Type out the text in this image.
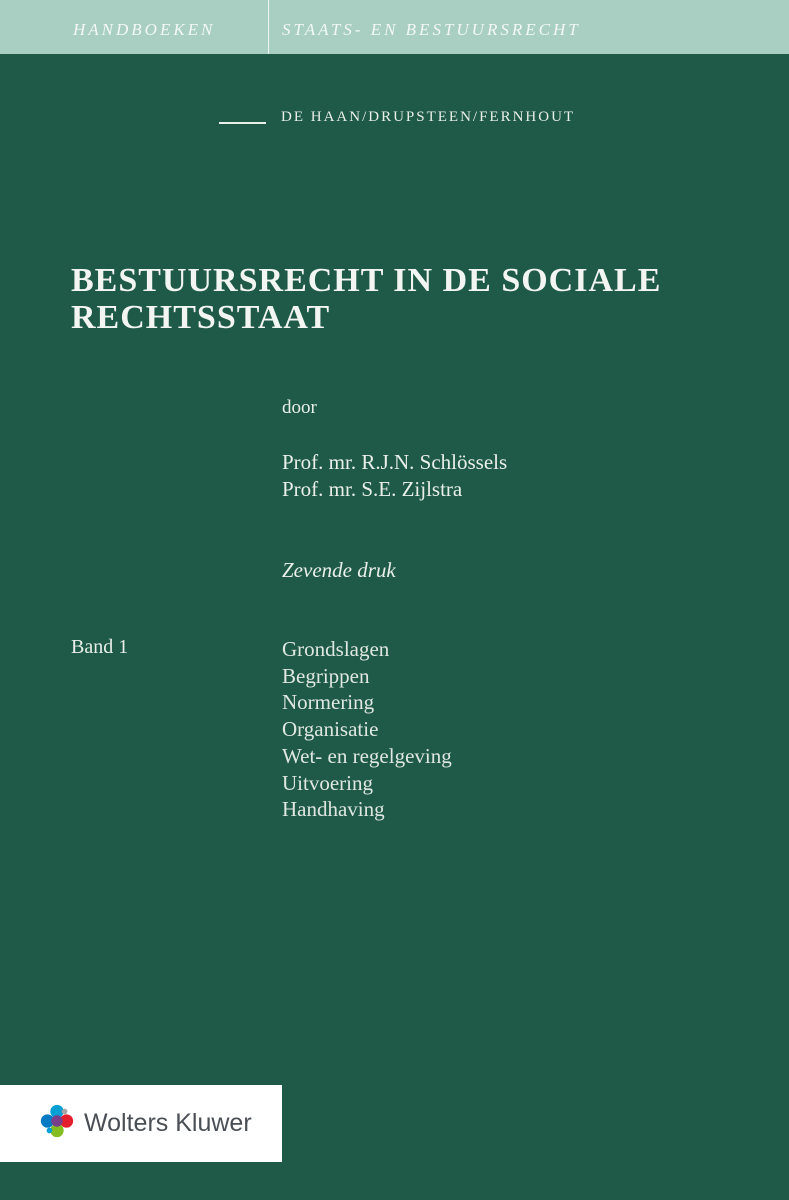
HANDBOEKEN	STAATS- EN BESTUURSRECHT
DE HAAN/DRUPSTEEN/FERNHOUT
BESTUURSRECHT IN DE SOCIALE
RECHTSSTAAT
door
Prof. mr. R.J.N. Schlössels
Prof. mr. S.E. Zijlstra
Zevende druk
Band 1	Grondslagen
Begrippen
Normering
Organisatie
Wet- en regelgeving
Uitvoering
Handhaving
Wolters Kluwer
